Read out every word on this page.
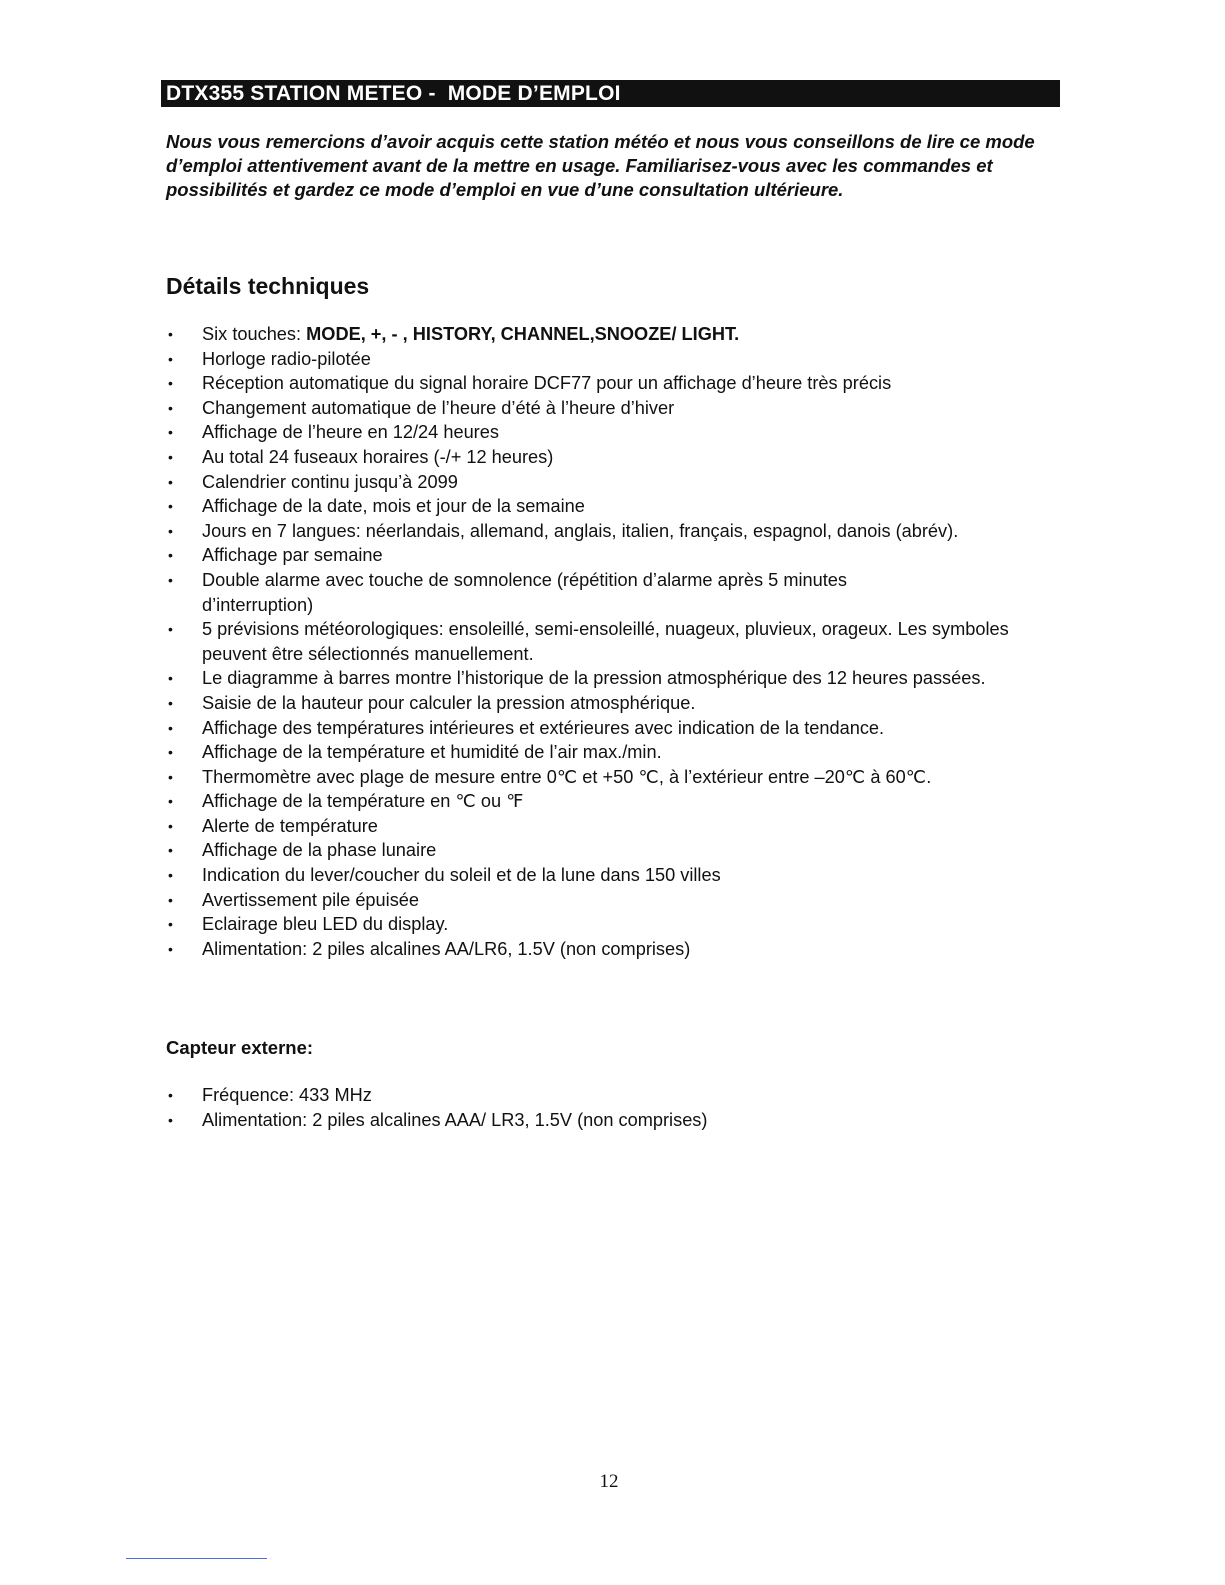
DTX355 STATION METEO -  MODE D’EMPLOI

Nous vous remercions d’avoir acquis cette station météo et nous vous conseillons de lire ce mode d’emploi attentivement avant de la mettre en usage. Familiarisez-vous avec les commandes et possibilités et gardez ce mode d’emploi en vue d’une consultation ultérieure.

Détails techniques
• Six touches: MODE, +, - , HISTORY, CHANNEL,SNOOZE/ LIGHT.
• Horloge radio-pilotée
• Réception automatique du signal horaire DCF77 pour un affichage d’heure très précis
• Changement automatique de l’heure d’été à l’heure d’hiver
• Affichage de l’heure en 12/24 heures
• Au total 24 fuseaux horaires (-/+ 12 heures)
• Calendrier continu jusqu’à 2099
• Affichage de la date, mois et jour de la semaine
• Jours en 7 langues: néerlandais, allemand, anglais, italien, français, espagnol, danois (abrév).
• Affichage par semaine
• Double alarme avec touche de somnolence (répétition d’alarme après 5 minutes d’interruption)
• 5 prévisions météorologiques: ensoleillé, semi-ensoleillé, nuageux, pluvieux, orageux. Les symboles peuvent être sélectionnés manuellement.
• Le diagramme à barres montre l’historique de la pression atmosphérique des 12 heures passées.
• Saisie de la hauteur pour calculer la pression atmosphérique.
• Affichage des températures intérieures et extérieures avec indication de la tendance.
• Affichage de la température et humidité de l’air max./min.
• Thermomètre avec plage de mesure entre 0℃ et +50 ℃, à l’extérieur entre –20℃ à 60℃.
• Affichage de la température en ℃ ou ℉
• Alerte de température
• Affichage de la phase lunaire
• Indication du lever/coucher du soleil et de la lune dans 150 villes
• Avertissement pile épuisée
• Eclairage bleu LED du display.
• Alimentation: 2 piles alcalines AA/LR6, 1.5V (non comprises)
Capteur externe:
• Fréquence: 433 MHz
• Alimentation: 2 piles alcalines AAA/ LR3, 1.5V (non comprises)
12
